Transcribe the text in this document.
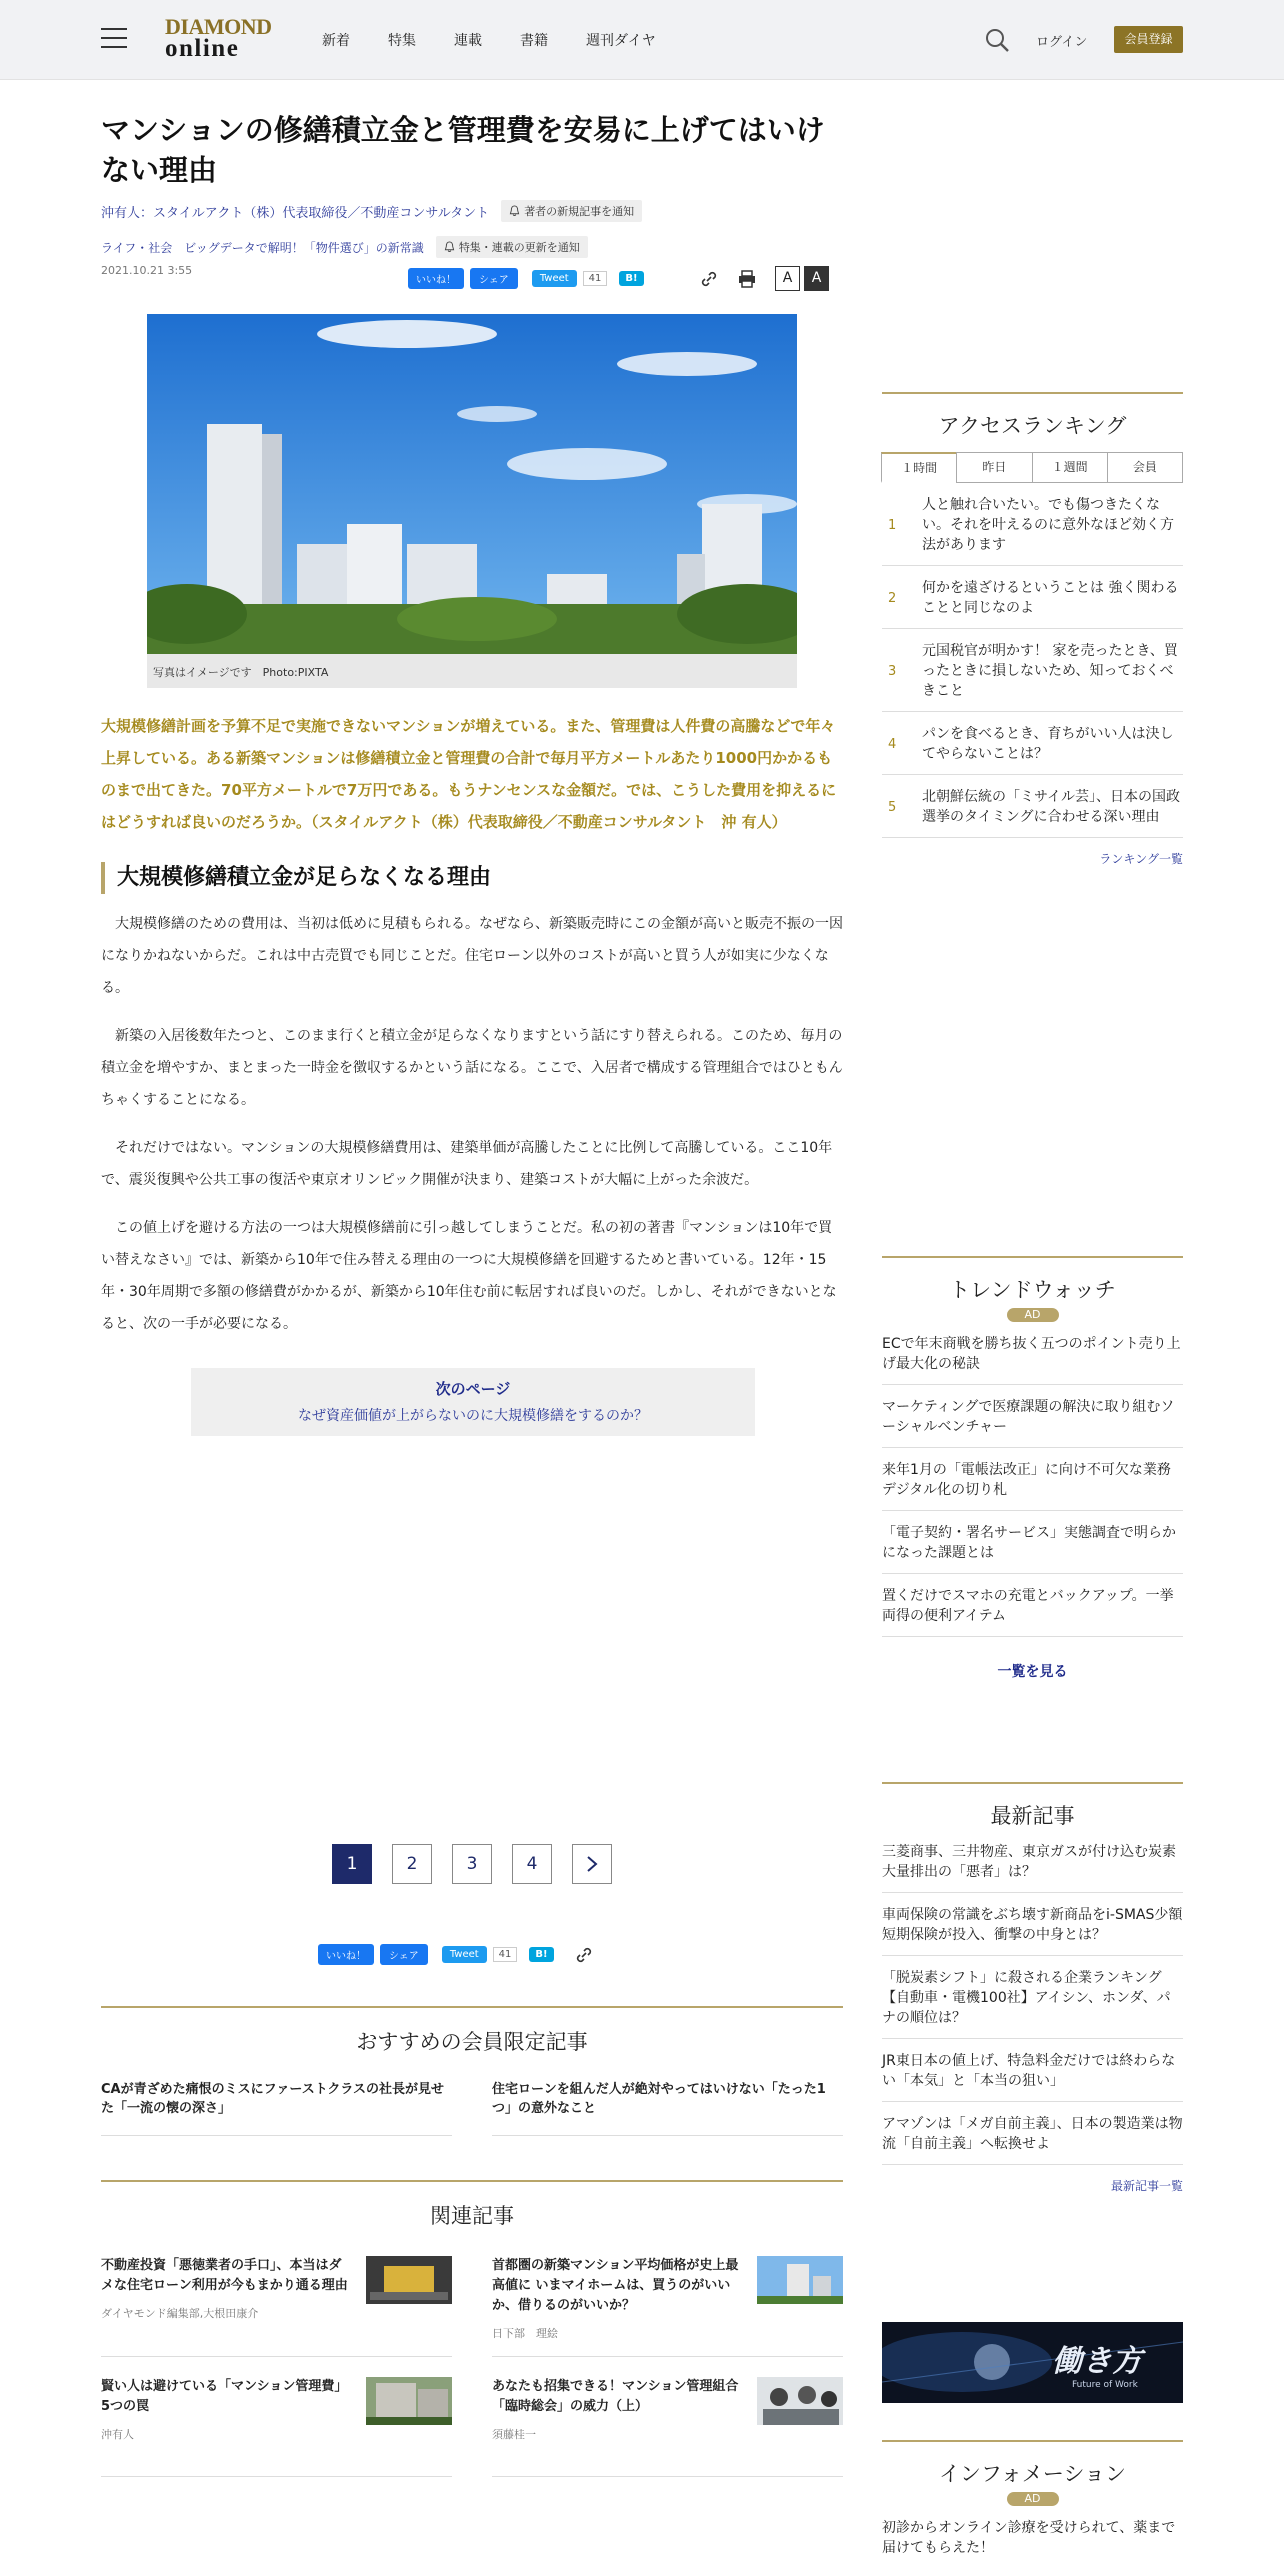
DIAMOND
online	新着	特集	連載	書籍	週刊ダイヤ	ログイン	会員登録
マンションの修繕積立金と管理費を安易に上げてはいけない理由
沖有人：スタイルアクト（株）代表取締役／不動産コンサルタント	著者の新規記事を通知
ライフ・社会 ビッグデータで解明！「物件選び」の新常識	特集・連載の更新を通知
2021.10.21 3:55
いいね！	シェア	Tweet	41	B!	A	A
写真はイメージです　Photo:PIXTA

大規模修繕計画を予算不足で実施できないマンションが増えている。また、管理費は人件費の高騰などで年々上昇している。ある新築マンションは修繕積立金と管理費の合計で毎月平方メートルあたり1000円かかるものまで出てきた。70平方メートルで7万円である。もうナンセンスな金額だ。では、こうした費用を抑えるにはどうすれば良いのだろうか。（スタイルアクト（株）代表取締役／不動産コンサルタント　沖 有人）

大規模修繕積立金が足らなくなる理由

大規模修繕のための費用は、当初は低めに見積もられる。なぜなら、新築販売時にこの金額が高いと販売不振の一因になりかねないからだ。これは中古売買でも同じことだ。住宅ローン以外のコストが高いと買う人が如実に少なくなる。

新築の入居後数年たつと、このまま行くと積立金が足らなくなりますという話にすり替えられる。このため、毎月の積立金を増やすか、まとまった一時金を徴収するかという話になる。ここで、入居者で構成する管理組合ではひともんちゃくすることになる。

それだけではない。マンションの大規模修繕費用は、建築単価が高騰したことに比例して高騰している。ここ10年で、震災復興や公共工事の復活や東京オリンピック開催が決まり、建築コストが大幅に上がった余波だ。

この値上げを避ける方法の一つは大規模修繕前に引っ越してしまうことだ。私の初の著書『マンションは10年で買い替えなさい』では、新築から10年で住み替える理由の一つに大規模修繕を回避するためと書いている。12年・15年・30年周期で多額の修繕費がかかるが、新築から10年住む前に転居すれば良いのだ。しかし、それができないとなると、次の一手が必要になる。

次のページ
なぜ資産価値が上がらないのに大規模修繕をするのか？
1	2	3	4
いいね！	シェア	Tweet	41	B!
おすすめの会員限定記事
CAが青ざめた痛恨のミスにファーストクラスの社長が見せた「一流の懐の深さ」
住宅ローンを組んだ人が絶対やってはいけない「たった1つ」の意外なこと
関連記事
不動産投資「悪徳業者の手口」、本当はダメな住宅ローン利用が今もまかり通る理由
ダイヤモンド編集部,大根田康介
首都圏の新築マンション平均価格が史上最高値に いまマイホームは、買うのがいいか、借りるのがいいか？
日下部　理絵
賢い人は避けている「マンション管理費」5つの罠
沖有人
あなたも招集できる！マンション管理組合「臨時総会」の威力（上）
須藤桂一
アクセスランキング
１時間	昨日	１週間	会員
1
人と触れ合いたい。でも傷つきたくない。それを叶えるのに意外なほど効く方法があります
2
何かを遠ざけるということは 強く関わることと同じなのよ
3
元国税官が明かす！ 家を売ったとき、買ったときに損しないため、知っておくべきこと
4
パンを食べるとき、育ちがいい人は決してやらないことは？
5
北朝鮮伝統の「ミサイル芸」、日本の国政選挙のタイミングに合わせる深い理由
ランキング一覧
トレンドウォッチ
AD
ECで年末商戦を勝ち抜く五つのポイント売り上げ最大化の秘訣
マーケティングで医療課題の解決に取り組むソーシャルベンチャー
来年1月の「電帳法改正」に向け不可欠な業務デジタル化の切り札
「電子契約・署名サービス」実態調査で明らかになった課題とは
置くだけでスマホの充電とバックアップ。一挙両得の便利アイテム
一覧を見る
最新記事
三菱商事、三井物産、東京ガスが付け込む炭素大量排出の「悪者」は？
車両保険の常識をぶち壊す新商品をi-SMAS少額短期保険が投入、衝撃の中身とは？
「脱炭素シフト」に殺される企業ランキング【自動車・電機100社】アイシン、ホンダ、パナの順位は？
JR東日本の値上げ、特急料金だけでは終わらない「本気」と「本当の狙い」
アマゾンは「メガ自前主義」、日本の製造業は物流「自前主義」へ転換せよ
最新記事一覧
働き方
Future of Work
インフォメーション
AD
初診からオンライン診療を受けられて、薬まで届けてもらえた！
